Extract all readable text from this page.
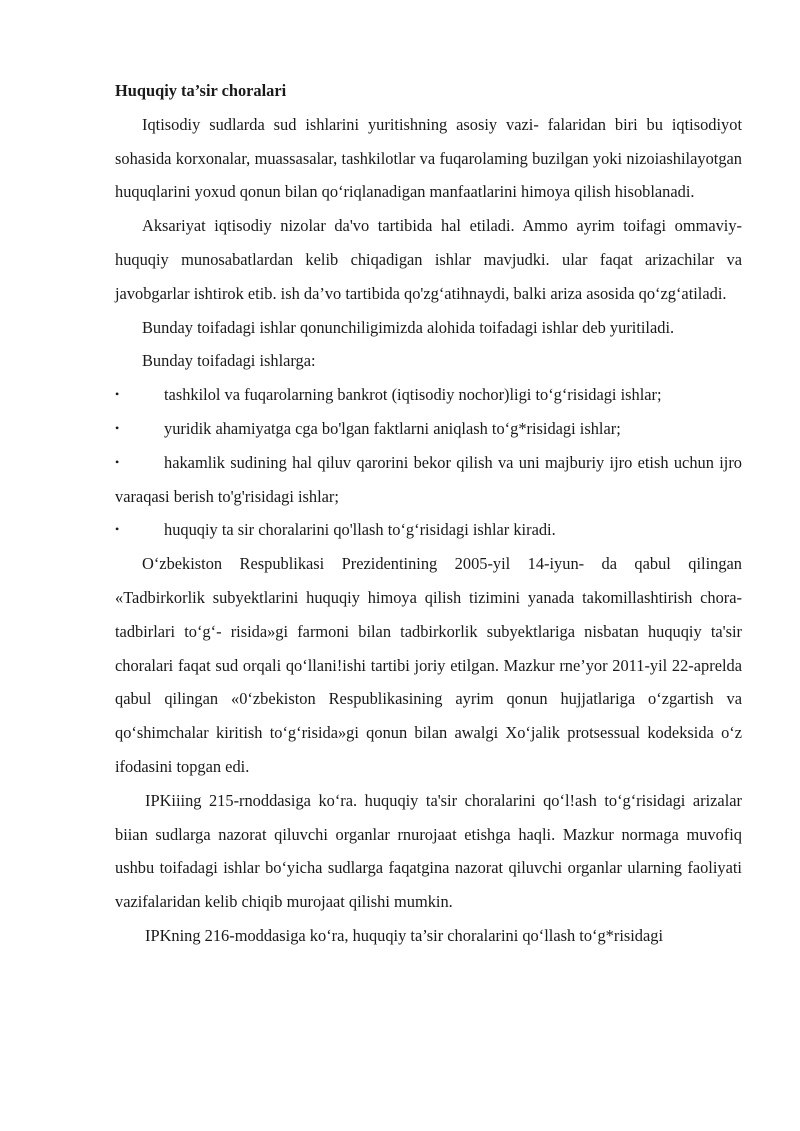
Huquqiy ta’sir choralari

Iqtisodiy sudlarda sud ishlarini yuritishning asosiy vazi- falaridan biri bu iqtisodiyot sohasida korxonalar, muassasalar, tashkilotlar va fuqarolaming buzilgan yoki nizoiashilayotgan huquqlarini yoxud qonun bilan qo‘riqlanadigan manfaatlarini himoya qilish hisoblanadi.

Aksariyat iqtisodiy nizolar da'vo tartibida hal etiladi. Ammo ayrim toifagi ommaviy-huquqiy munosabatlardan kelib chiqadigan ishlar mavjudki. ular faqat arizachilar va javobgarlar ishtirok etib. ish da’vo tartibida qo'zg‘atihnaydi, balki ariza asosida qo‘zg‘atiladi.

Bunday toifadagi ishlar qonunchiligimizda alohida toifadagi ishlar deb yuritiladi.

Bunday toifadagi ishlarga:

•	tashkilol va fuqarolarning bankrot (iqtisodiy nochor)ligi to‘g‘risidagi ishlar;

•	yuridik ahamiyatga cga bo'lgan faktlarni aniqlash to‘g*risidagi ishlar;

•	hakamlik sudining hal qiluv qarorini bekor qilish va uni majburiy ijro etish uchun ijro varaqasi berish to'g'risidagi ishlar;

•	huquqiy ta sir choralarini qo'llash to‘g‘risidagi ishlar kiradi.

O‘zbekiston Respublikasi Prezidentining 2005-yil 14-iyun- da qabul qilingan «Tadbirkorlik subyektlarini huquqiy himoya qilish tizimini yanada takomillashtirish chora-tadbirlari to‘g‘- risida»gi farmoni bilan tadbirkorlik subyektlariga nisbatan huquqiy ta'sir choralari faqat sud orqali qo‘llani!ishi tartibi joriy etilgan. Mazkur rne’yor 2011-yil 22-aprelda qabul qilingan «0‘zbekiston Respublikasining ayrim qonun hujjatlariga o‘zgartish va qo‘shimchalar kiritish to‘g‘risida»gi qonun bilan awalgi Xo‘jalik protsessual kodeksida o‘z ifodasini topgan edi.

IPKiiing 215-rnoddasiga ko‘ra. huquqiy ta'sir choralarini qo‘l!ash to‘g‘risidagi arizalar biian sudlarga nazorat qiluvchi organlar rnurojaat etishga haqli. Mazkur normaga muvofiq ushbu toifadagi ishlar bo‘yicha sudlarga faqatgina nazorat qiluvchi organlar ularning faoliyati vazifalaridan kelib chiqib murojaat qilishi mumkin.

IPKning 216-moddasiga ko‘ra, huquqiy ta’sir choralarini qo‘llash to‘g*risidagi
